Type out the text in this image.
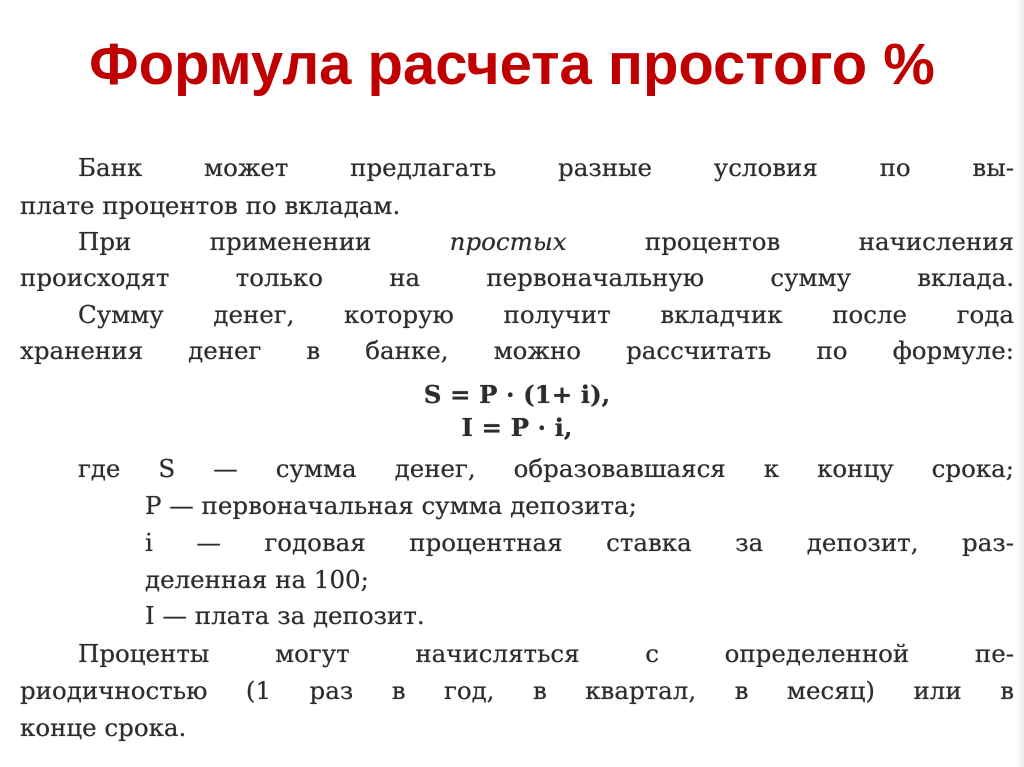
Формула расчета простого %
Банк может предлагать разные условия по вы-
плате процентов по вкладам.
При применении простых процентов начисления
происходят только на первоначальную сумму вклада.
Сумму денег, которую получит вкладчик после года
хранения денег в банке, можно рассчитать по формуле:
S = P · (1+ i),
I = P · i,
где S — сумма денег, образовавшаяся к концу срока;
P — первоначальная сумма депозита;
i — годовая процентная ставка за депозит, раз-
деленная на 100;
I — плата за депозит.
Проценты могут начисляться с определенной пе-
риодичностью (1 раз в год, в квартал, в месяц) или в
конце срока.
